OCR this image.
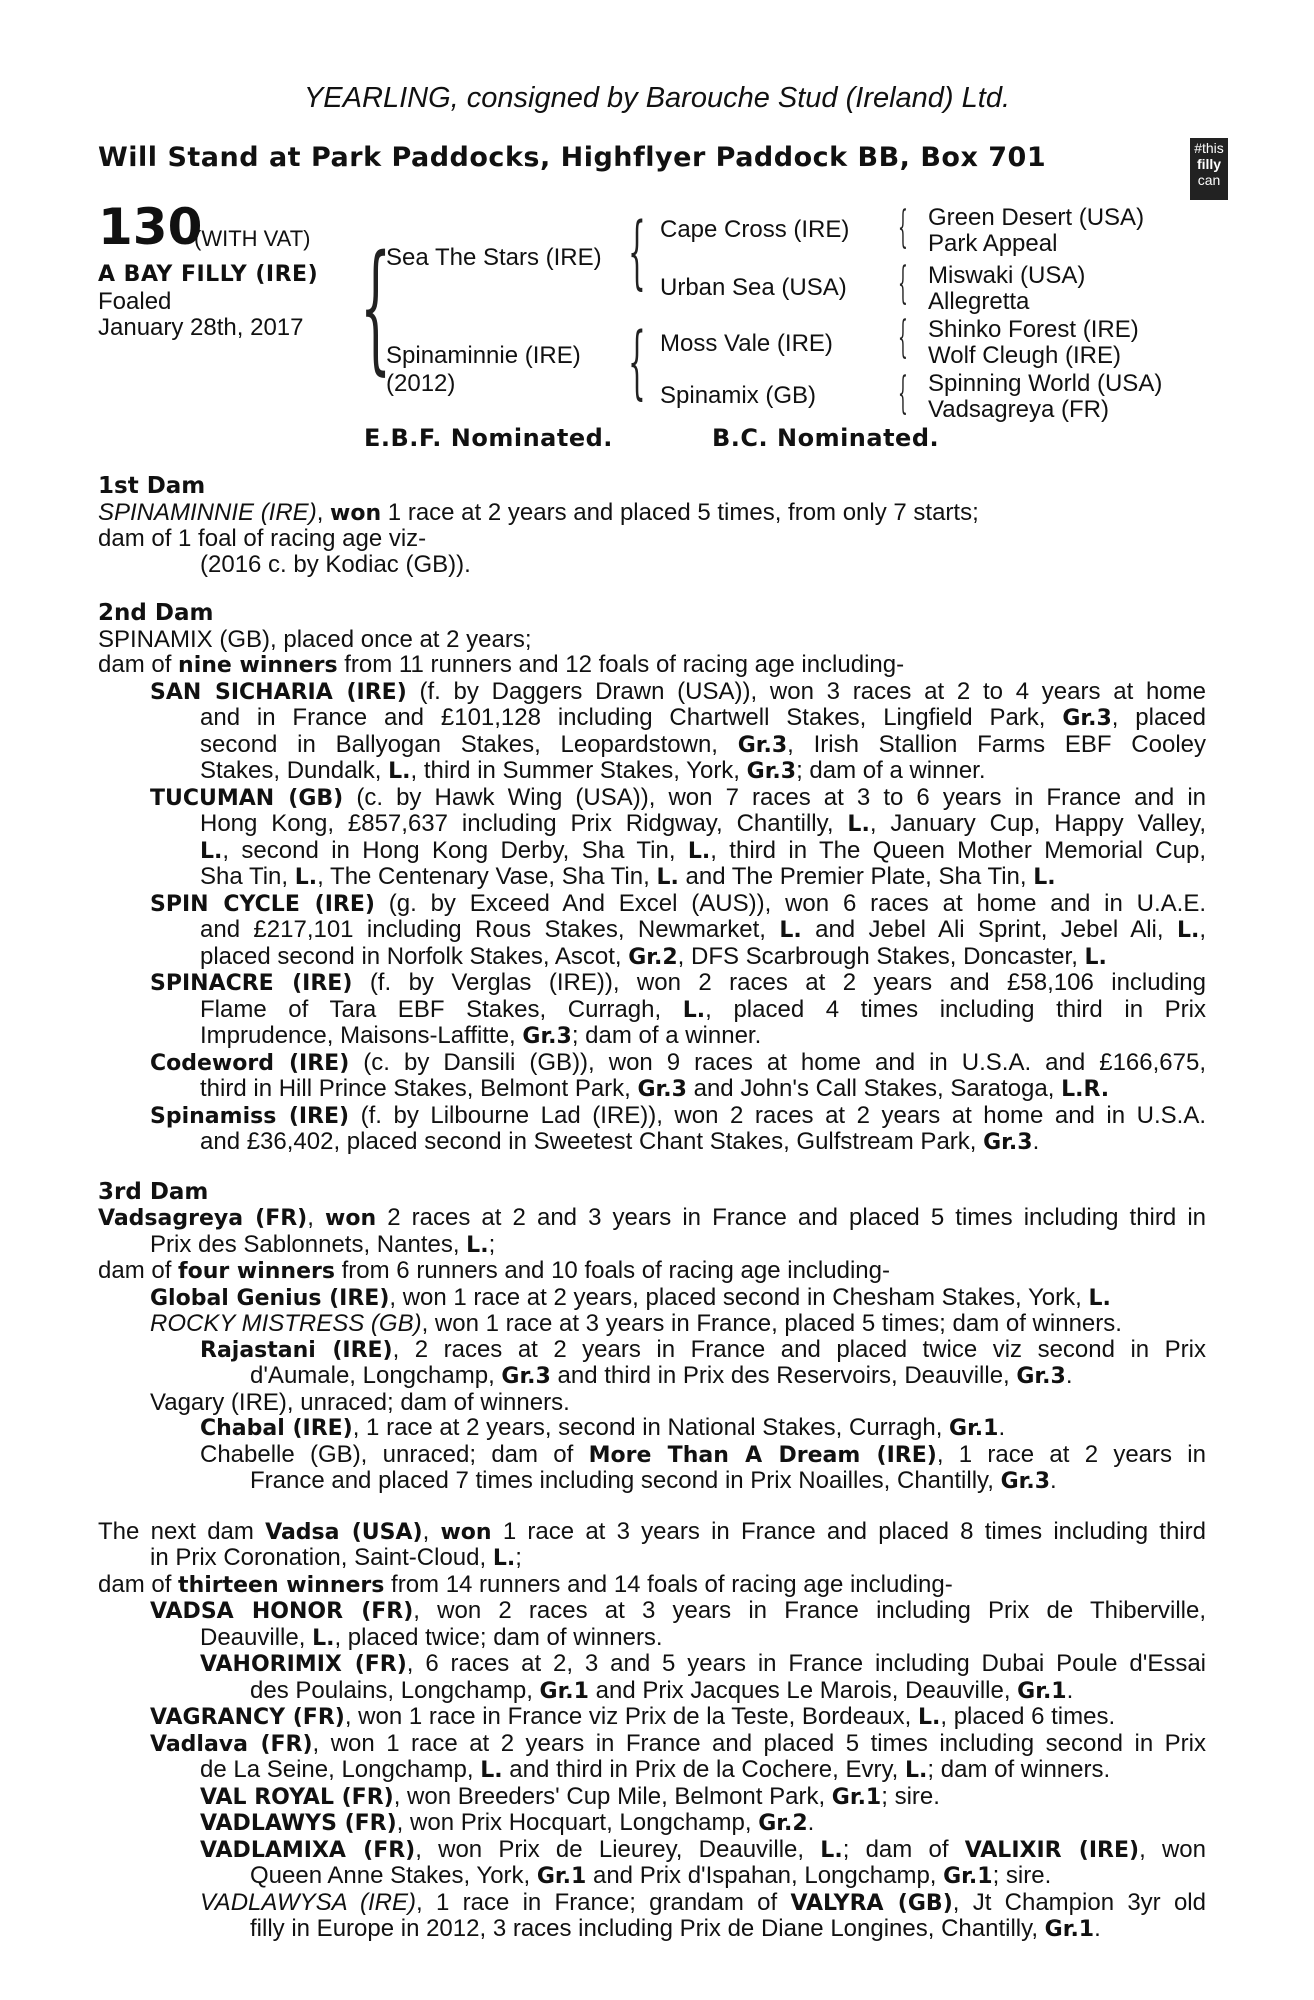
YEARLING, consigned by Barouche Stud (Ireland) Ltd.
Will Stand at Park Paddocks, Highflyer Paddock BB, Box 701	#this
filly
can
130
(WITH VAT)
A BAY FILLY (IRE)
Foaled
January 28th, 2017 {	{
{
{
{
{
{
Sea The Stars (IRE)
Spinaminnie (IRE)
(2012)
Cape Cross (IRE)
Urban Sea (USA)
Moss Vale (IRE)
Spinamix (GB)
Green Desert (USA)
Park Appeal
Miswaki (USA)
Allegretta
Shinko Forest (IRE)
Wolf Cleugh (IRE)
Spinning World (USA)
Vadsagreya (FR)
E.B.F. Nominated.	B.C. Nominated.
1st Dam
SPINAMINNIE (IRE), won 1 race at 2 years and placed 5 times, from only 7 starts;
dam of 1 foal of racing age viz-
(2016 c. by Kodiac (GB)).
2nd Dam
SPINAMIX (GB), placed once at 2 years;
dam of nine winners from 11 runners and 12 foals of racing age including-
SAN SICHARIA (IRE) (f. by Daggers Drawn (USA)), won 3 races at 2 to 4 years at home
and in France and £101,128 including Chartwell Stakes, Lingfield Park, Gr.3, placed
second in Ballyogan Stakes, Leopardstown, Gr.3, Irish Stallion Farms EBF Cooley
Stakes, Dundalk, L., third in Summer Stakes, York, Gr.3; dam of a winner.
TUCUMAN (GB) (c. by Hawk Wing (USA)), won 7 races at 3 to 6 years in France and in
Hong Kong, £857,637 including Prix Ridgway, Chantilly, L., January Cup, Happy Valley,
L., second in Hong Kong Derby, Sha Tin, L., third in The Queen Mother Memorial Cup,
Sha Tin, L., The Centenary Vase, Sha Tin, L. and The Premier Plate, Sha Tin, L.
SPIN CYCLE (IRE) (g. by Exceed And Excel (AUS)), won 6 races at home and in U.A.E.
and £217,101 including Rous Stakes, Newmarket, L. and Jebel Ali Sprint, Jebel Ali, L.,
placed second in Norfolk Stakes, Ascot, Gr.2, DFS Scarbrough Stakes, Doncaster, L.
SPINACRE (IRE) (f. by Verglas (IRE)), won 2 races at 2 years and £58,106 including
Flame of Tara EBF Stakes, Curragh, L., placed 4 times including third in Prix
Imprudence, Maisons-Laffitte, Gr.3; dam of a winner.
Codeword (IRE) (c. by Dansili (GB)), won 9 races at home and in U.S.A. and £166,675,
third in Hill Prince Stakes, Belmont Park, Gr.3 and John's Call Stakes, Saratoga, L.R.
Spinamiss (IRE) (f. by Lilbourne Lad (IRE)), won 2 races at 2 years at home and in U.S.A.
and £36,402, placed second in Sweetest Chant Stakes, Gulfstream Park, Gr.3.
3rd Dam
Vadsagreya (FR), won 2 races at 2 and 3 years in France and placed 5 times including third in
Prix des Sablonnets, Nantes, L.;
dam of four winners from 6 runners and 10 foals of racing age including-
Global Genius (IRE), won 1 race at 2 years, placed second in Chesham Stakes, York, L.
ROCKY MISTRESS (GB), won 1 race at 3 years in France, placed 5 times; dam of winners.
Rajastani (IRE), 2 races at 2 years in France and placed twice viz second in Prix
d'Aumale, Longchamp, Gr.3 and third in Prix des Reservoirs, Deauville, Gr.3.
Vagary (IRE), unraced; dam of winners.
Chabal (IRE), 1 race at 2 years, second in National Stakes, Curragh, Gr.1.
Chabelle (GB), unraced; dam of More Than A Dream (IRE), 1 race at 2 years in
France and placed 7 times including second in Prix Noailles, Chantilly, Gr.3.
The next dam Vadsa (USA), won 1 race at 3 years in France and placed 8 times including third
in Prix Coronation, Saint-Cloud, L.;
dam of thirteen winners from 14 runners and 14 foals of racing age including-
VADSA HONOR (FR), won 2 races at 3 years in France including Prix de Thiberville,
Deauville, L., placed twice; dam of winners.
VAHORIMIX (FR), 6 races at 2, 3 and 5 years in France including Dubai Poule d'Essai
des Poulains, Longchamp, Gr.1 and Prix Jacques Le Marois, Deauville, Gr.1.
VAGRANCY (FR), won 1 race in France viz Prix de la Teste, Bordeaux, L., placed 6 times.
Vadlava (FR), won 1 race at 2 years in France and placed 5 times including second in Prix
de La Seine, Longchamp, L. and third in Prix de la Cochere, Evry, L.; dam of winners.
VAL ROYAL (FR), won Breeders' Cup Mile, Belmont Park, Gr.1; sire.
VADLAWYS (FR), won Prix Hocquart, Longchamp, Gr.2.
VADLAMIXA (FR), won Prix de Lieurey, Deauville, L.; dam of VALIXIR (IRE), won
Queen Anne Stakes, York, Gr.1 and Prix d'Ispahan, Longchamp, Gr.1; sire.
VADLAWYSA (IRE), 1 race in France; grandam of VALYRA (GB), Jt Champion 3yr old
filly in Europe in 2012, 3 races including Prix de Diane Longines, Chantilly, Gr.1.
